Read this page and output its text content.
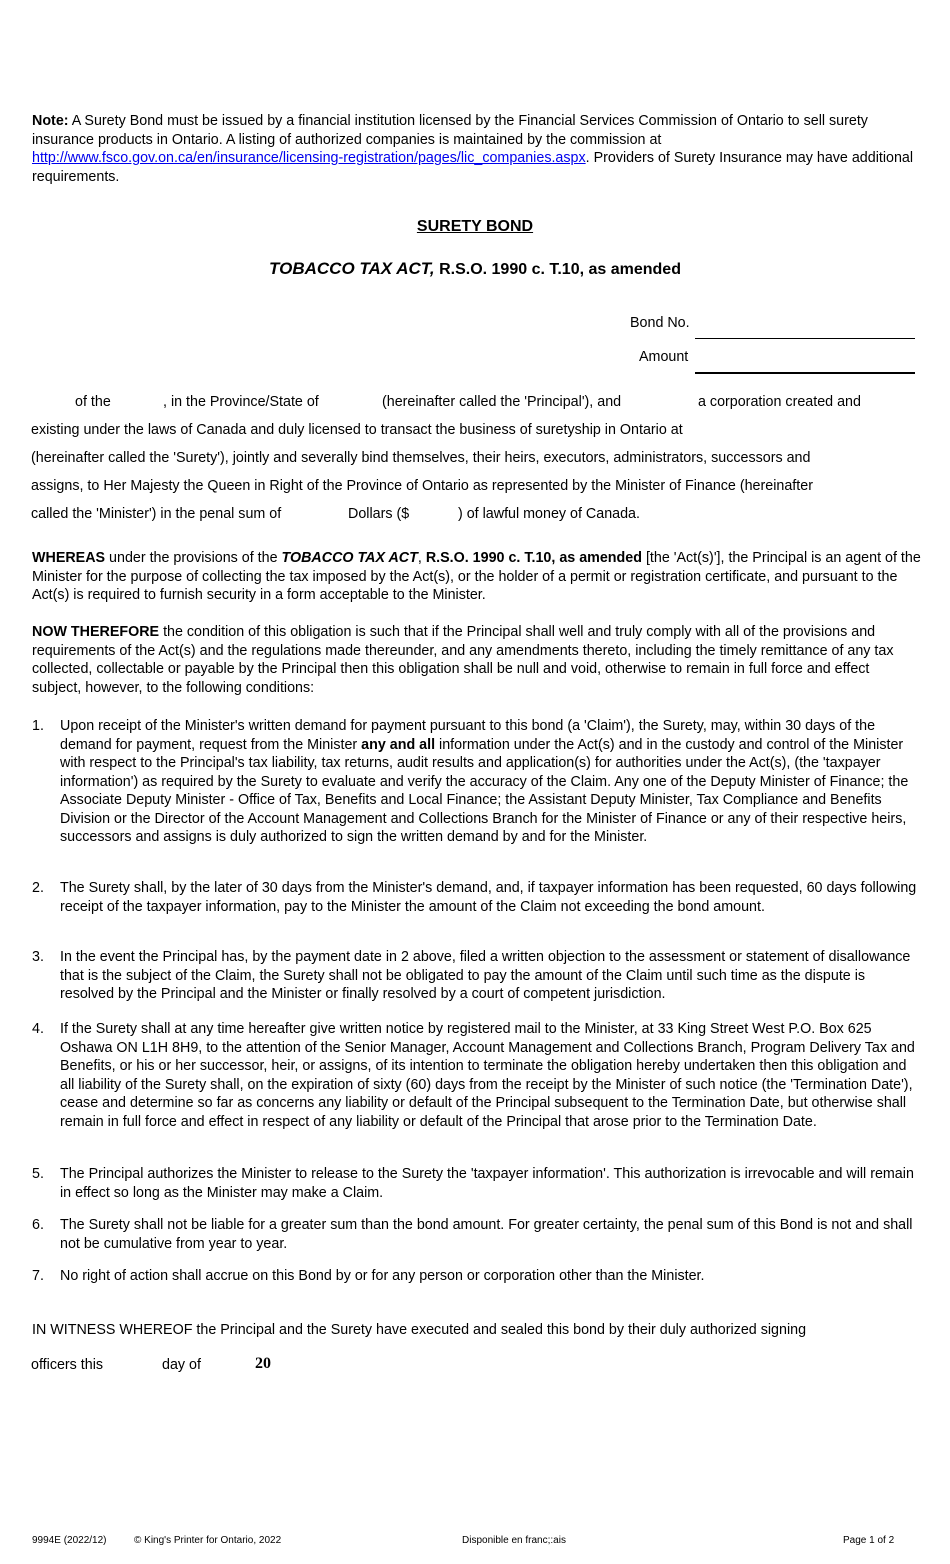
Note: A Surety Bond must be issued by a financial institution licensed by the Financial Services Commission of Ontario to sell surety insurance products in Ontario. A listing of authorized companies is maintained by the commission at http://www.fsco.gov.on.ca/en/insurance/licensing-registration/pages/lic_companies.aspx. Providers of Surety Insurance may have additional requirements.
SURETY BOND
TOBACCO TAX ACT, R.S.O. 1990 c. T.10, as amended
Bond No.
Amount
of the	, in the Province/State of	(hereinafter called the 'Principal'), and	a corporation created and
existing under the laws of Canada and duly licensed to transact the business of suretyship in Ontario at
(hereinafter called the 'Surety'), jointly and severally bind themselves, their heirs, executors, administrators, successors and
assigns, to Her Majesty the Queen in Right of the Province of Ontario as represented by the Minister of Finance (hereinafter
called the 'Minister') in the penal sum of	Dollars ($	) of lawful money of Canada.
WHEREAS under the provisions of the TOBACCO TAX ACT, R.S.O. 1990 c. T.10, as amended [the 'Act(s)'], the Principal is an agent of the Minister for the purpose of collecting the tax imposed by the Act(s), or the holder of a permit or registration certificate, and pursuant to the Act(s) is required to furnish security in a form acceptable to the Minister.
NOW THEREFORE the condition of this obligation is such that if the Principal shall well and truly comply with all of the provisions and requirements of the Act(s) and the regulations made thereunder, and any amendments thereto, including the timely remittance of any tax collected, collectable or payable by the Principal then this obligation shall be null and void, otherwise to remain in full force and effect subject, however, to the following conditions:
1. Upon receipt of the Minister's written demand for payment pursuant to this bond (a 'Claim'), the Surety, may, within 30 days of the demand for payment, request from the Minister any and all information under the Act(s) and in the custody and control of the Minister with respect to the Principal's tax liability, tax returns, audit results and application(s) for authorities under the Act(s), (the 'taxpayer information') as required by the Surety to evaluate and verify the accuracy of the Claim. Any one of the Deputy Minister of Finance; the Associate Deputy Minister - Office of Tax, Benefits and Local Finance; the Assistant Deputy Minister, Tax Compliance and Benefits Division or the Director of the Account Management and Collections Branch for the Minister of Finance or any of their respective heirs, successors and assigns is duly authorized to sign the written demand by and for the Minister.
2. The Surety shall, by the later of 30 days from the Minister's demand, and, if taxpayer information has been requested, 60 days following receipt of the taxpayer information, pay to the Minister the amount of the Claim not exceeding the bond amount.
3. In the event the Principal has, by the payment date in 2 above, filed a written objection to the assessment or statement of disallowance that is the subject of the Claim, the Surety shall not be obligated to pay the amount of the Claim until such time as the dispute is resolved by the Principal and the Minister or finally resolved by a court of competent jurisdiction.
4. If the Surety shall at any time hereafter give written notice by registered mail to the Minister, at 33 King Street West P.O. Box 625 Oshawa ON L1H 8H9, to the attention of the Senior Manager, Account Management and Collections Branch, Program Delivery Tax and Benefits, or his or her successor, heir, or assigns, of its intention to terminate the obligation hereby undertaken then this obligation and all liability of the Surety shall, on the expiration of sixty (60) days from the receipt by the Minister of such notice (the 'Termination Date'), cease and determine so far as concerns any liability or default of the Principal subsequent to the Termination Date, but otherwise shall remain in full force and effect in respect of any liability or default of the Principal that arose prior to the Termination Date.
5. The Principal authorizes the Minister to release to the Surety the 'taxpayer information'. This authorization is irrevocable and will remain in effect so long as the Minister may make a Claim.
6. The Surety shall not be liable for a greater sum than the bond amount. For greater certainty, the penal sum of this Bond is not and shall not be cumulative from year to year.
7. No right of action shall accrue on this Bond by or for any person or corporation other than the Minister.
IN WITNESS WHEREOF the Principal and the Surety have executed and sealed this bond by their duly authorized signing
officers this	day of	20
9994E (2022/12)	© King's Printer for Ontario, 2022	Disponible en franc;:ais	Page 1 of 2
